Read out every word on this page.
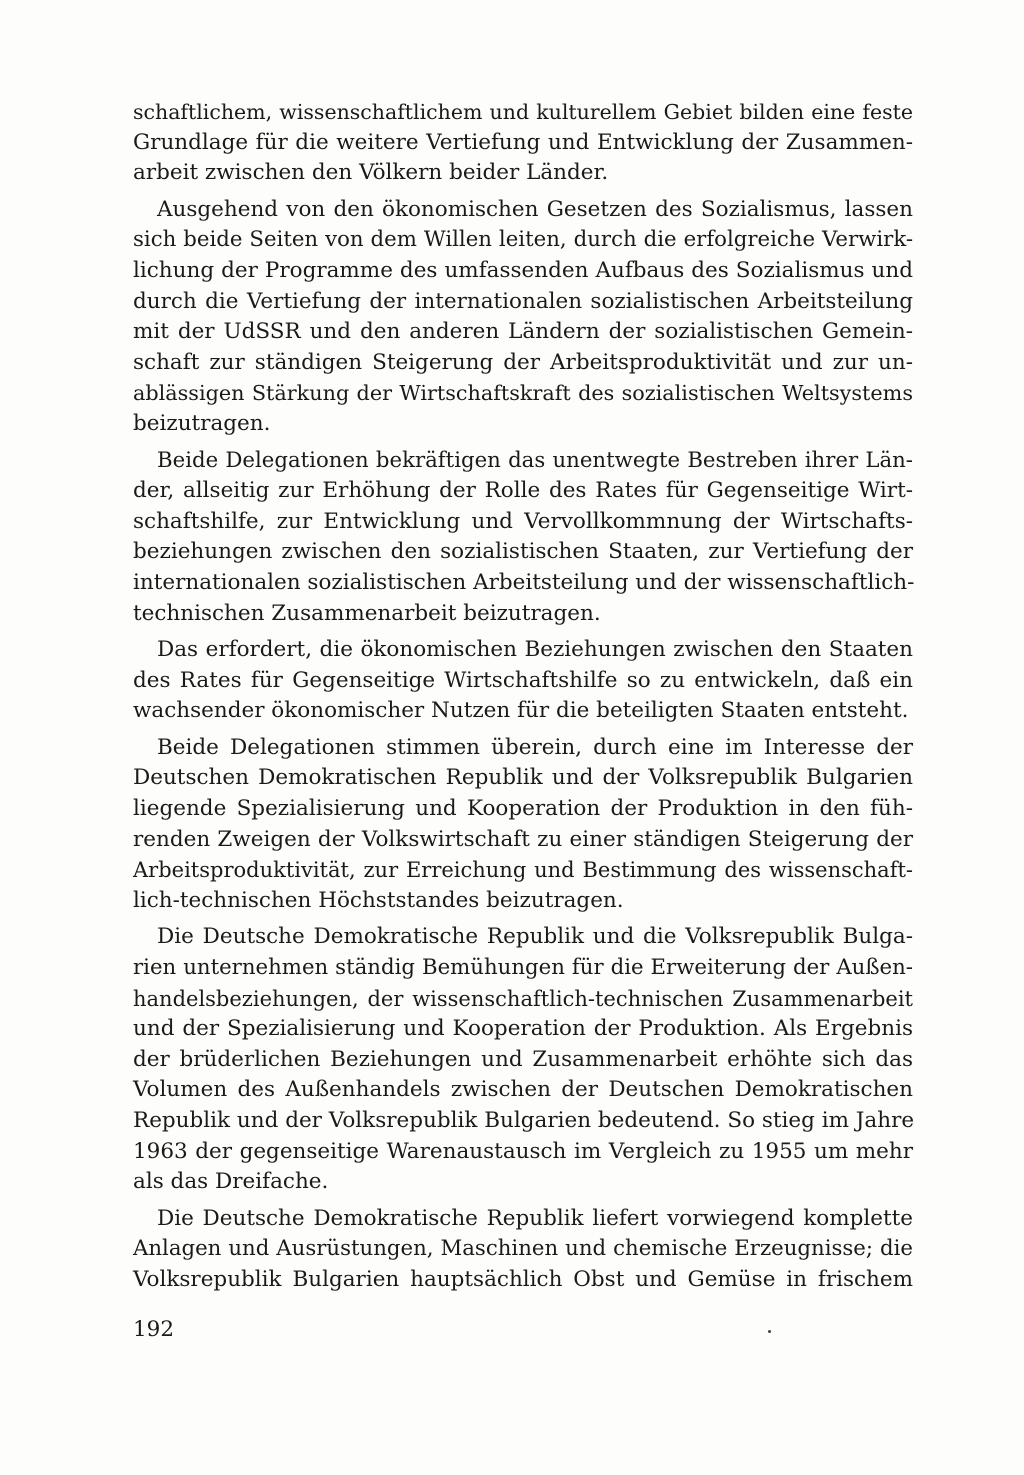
schaftlichem, wissenschaftlichem und kulturellem Gebiet bilden eine feste
Grundlage für die weitere Vertiefung und Entwicklung der Zusammen-
arbeit zwischen den Völkern beider Länder.
Ausgehend von den ökonomischen Gesetzen des Sozialismus, lassen
sich beide Seiten von dem Willen leiten, durch die erfolgreiche Verwirk-
lichung der Programme des umfassenden Aufbaus des Sozialismus und
durch die Vertiefung der internationalen sozialistischen Arbeitsteilung
mit der UdSSR und den anderen Ländern der sozialistischen Gemein-
schaft zur ständigen Steigerung der Arbeitsproduktivität und zur un-
ablässigen Stärkung der Wirtschaftskraft des sozialistischen Weltsystems
beizutragen.
Beide Delegationen bekräftigen das unentwegte Bestreben ihrer Län-
der, allseitig zur Erhöhung der Rolle des Rates für Gegenseitige Wirt-
schaftshilfe, zur Entwicklung und Vervollkommnung der Wirtschafts-
beziehungen zwischen den sozialistischen Staaten, zur Vertiefung der
internationalen sozialistischen Arbeitsteilung und der wissenschaftlich-
technischen Zusammenarbeit beizutragen.
Das erfordert, die ökonomischen Beziehungen zwischen den Staaten
des Rates für Gegenseitige Wirtschaftshilfe so zu entwickeln, daß ein
wachsender ökonomischer Nutzen für die beteiligten Staaten entsteht.
Beide Delegationen stimmen überein, durch eine im Interesse der
Deutschen Demokratischen Republik und der Volksrepublik Bulgarien
liegende Spezialisierung und Kooperation der Produktion in den füh-
renden Zweigen der Volkswirtschaft zu einer ständigen Steigerung der
Arbeitsproduktivität, zur Erreichung und Bestimmung des wissenschaft-
lich-technischen Höchststandes beizutragen.
Die Deutsche Demokratische Republik und die Volksrepublik Bulga-
rien unternehmen ständig Bemühungen für die Erweiterung der Außen-
handelsbeziehungen, der wissenschaftlich-technischen Zusammenarbeit
und der Spezialisierung und Kooperation der Produktion. Als Ergebnis
der brüderlichen Beziehungen und Zusammenarbeit erhöhte sich das
Volumen des Außenhandels zwischen der Deutschen Demokratischen
Republik und der Volksrepublik Bulgarien bedeutend. So stieg im Jahre
1963 der gegenseitige Warenaustausch im Vergleich zu 1955 um mehr
als das Dreifache.
Die Deutsche Demokratische Republik liefert vorwiegend komplette
Anlagen und Ausrüstungen, Maschinen und chemische Erzeugnisse; die
Volksrepublik Bulgarien hauptsächlich Obst und Gemüse in frischem
192
